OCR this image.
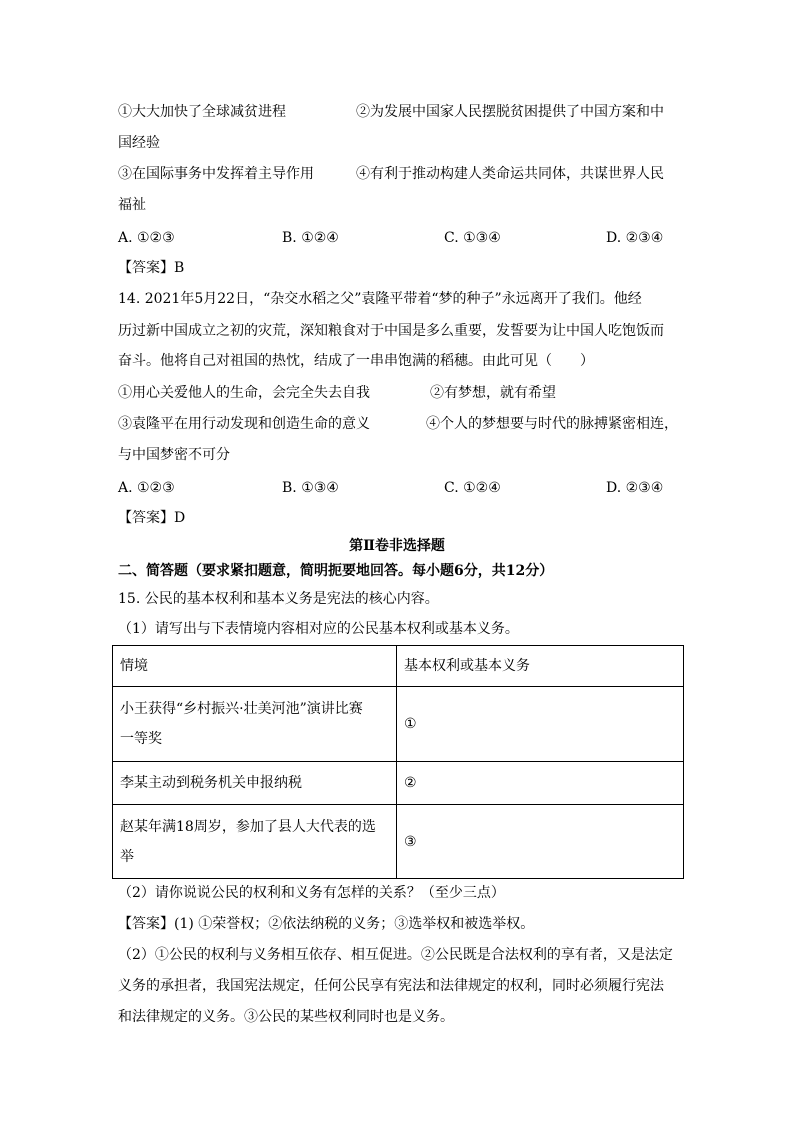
①大大加快了全球减贫进程	②为发展中国家人民摆脱贫困提供了中国方案和中
国经验
③在国际事务中发挥着主导作用	④有利于推动构建人类命运共同体，共谋世界人民
福祉
A. ①②③	B. ①②④	C. ①③④	D. ②③④
【答案】B
14. 2021年5月22日，“杂交水稻之父”袁隆平带着“梦的种子”永远离开了我们。他经
历过新中国成立之初的灾荒，深知粮食对于中国是多么重要，发誓要为让中国人吃饱饭而
奋斗。他将自己对祖国的热忱，结成了一串串饱满的稻穗。由此可见（　　）
①用心关爱他人的生命，会完全失去自我	②有梦想，就有希望
③袁隆平在用行动发现和创造生命的意义	④个人的梦想要与时代的脉搏紧密相连，
与中国梦密不可分
A. ①②③	B. ①③④	C. ①②④	D. ②③④
【答案】D
第Ⅱ卷非选择题
二、简答题（要求紧扣题意，简明扼要地回答。每小题6分，共12分）
15. 公民的基本权利和基本义务是宪法的核心内容。
（1）请写出与下表情境内容相对应的公民基本权利或基本义务。
情境	基本权利或基本义务

小王获得“乡村振兴·壮美河池”演讲比赛
一等奖	①
李某主动到税务机关申报纳税	②

赵某年满18周岁，参加了县人大代表的选
举	③
（2）请你说说公民的权利和义务有怎样的关系？（至少三点）
【答案】(1) ①荣誉权；②依法纳税的义务；③选举权和被选举权。
（2）①公民的权利与义务相互依存、相互促进。②公民既是合法权利的享有者，又是法定
义务的承担者，我国宪法规定，任何公民享有宪法和法律规定的权利，同时必须履行宪法
和法律规定的义务。③公民的某些权利同时也是义务。
